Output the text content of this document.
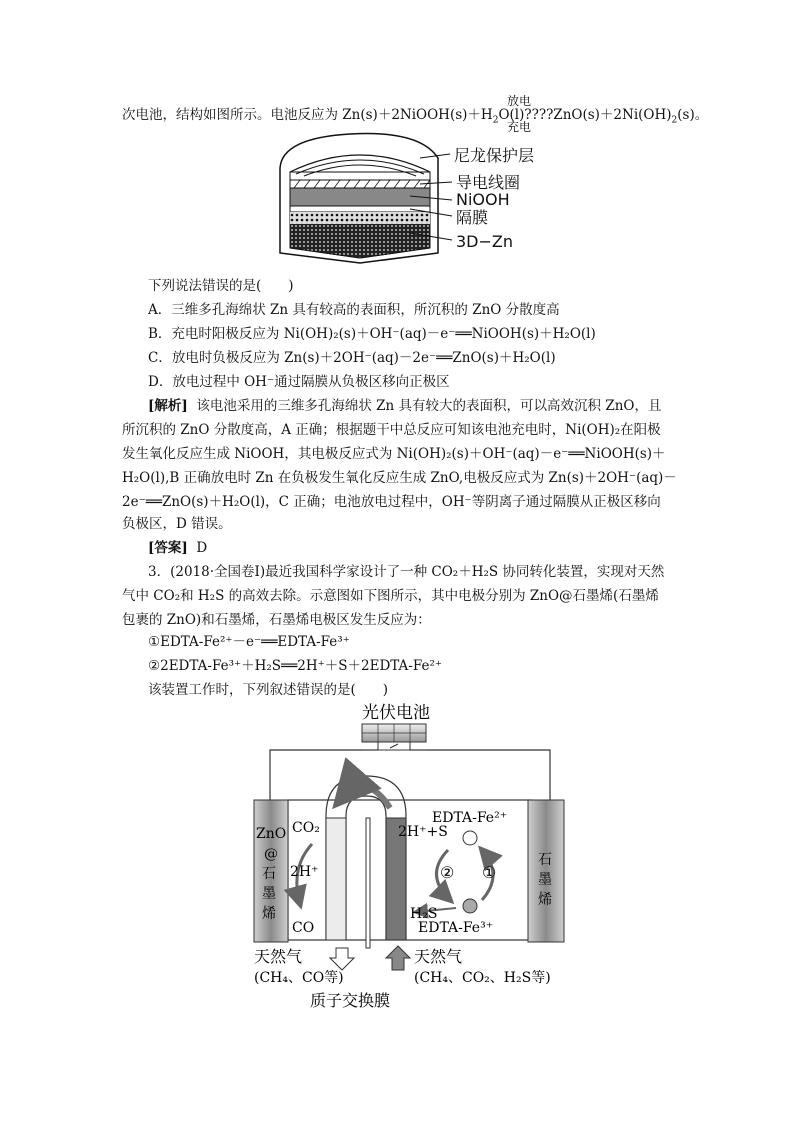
次电池，结构如图所示。电池反应为 $Zn(s)+2NiOOH(s)+H_2O(l)????ZnO(s)+2Ni(OH)_2(s)$。
放电
充电
尼龙保护层
导电线圈
NiOOH
隔膜
3D−Zn
下列说法错误的是(　　)
A．三维多孔海绵状 Zn 具有较高的表面积，所沉积的 ZnO 分散度高
B．充电时阳极反应为 Ni(OH)₂(s)＋OH⁻(aq)－e⁻══NiOOH(s)＋H₂O(l)
C．放电时负极反应为 Zn(s)＋2OH⁻(aq)－2e⁻══ZnO(s)＋H₂O(l)
D．放电过程中 OH⁻通过隔膜从负极区移向正极区
[解析] 该电池采用的三维多孔海绵状 Zn 具有较大的表面积，可以高效沉积 ZnO，且
所沉积的 ZnO 分散度高，A 正确；根据题干中总反应可知该电池充电时，Ni(OH)₂在阳极
发生氧化反应生成 NiOOH，其电极反应式为 Ni(OH)₂(s)＋OH⁻(aq)－e⁻══NiOOH(s)＋
H₂O(l),B 正确放电时 Zn 在负极发生氧化反应生成 ZnO,电极反应式为 Zn(s)＋2OH⁻(aq)－
2e⁻══ZnO(s)＋H₂O(l)，C 正确；电池放电过程中，OH⁻等阴离子通过隔膜从正极区移向
负极区，D 错误。
[答案] D
3．(2018·全国卷Ⅰ)最近我国科学家设计了一种 CO₂＋H₂S 协同转化装置，实现对天然
气中 CO₂和 H₂S 的高效去除。示意图如下图所示，其中电极分别为 ZnO@石墨烯(石墨烯
包裹的 ZnO)和石墨烯，石墨烯电极区发生反应为：
①EDTA-Fe²⁺－e⁻══EDTA-Fe³⁺
②2EDTA-Fe³⁺＋H₂S══2H⁺＋S＋2EDTA-Fe²⁺
该装置工作时，下列叙述错误的是(　　)
光伏电池
ZnO
@
石
墨
烯
石
墨
烯
CO₂
2H⁺
CO
2H⁺+S
EDTA-Fe²⁺
EDTA-Fe³⁺
H₂S
② ①
天然气
(CH₄、CO等)
天然气
(CH₄、CO₂、H₂S等)
质子交换膜
